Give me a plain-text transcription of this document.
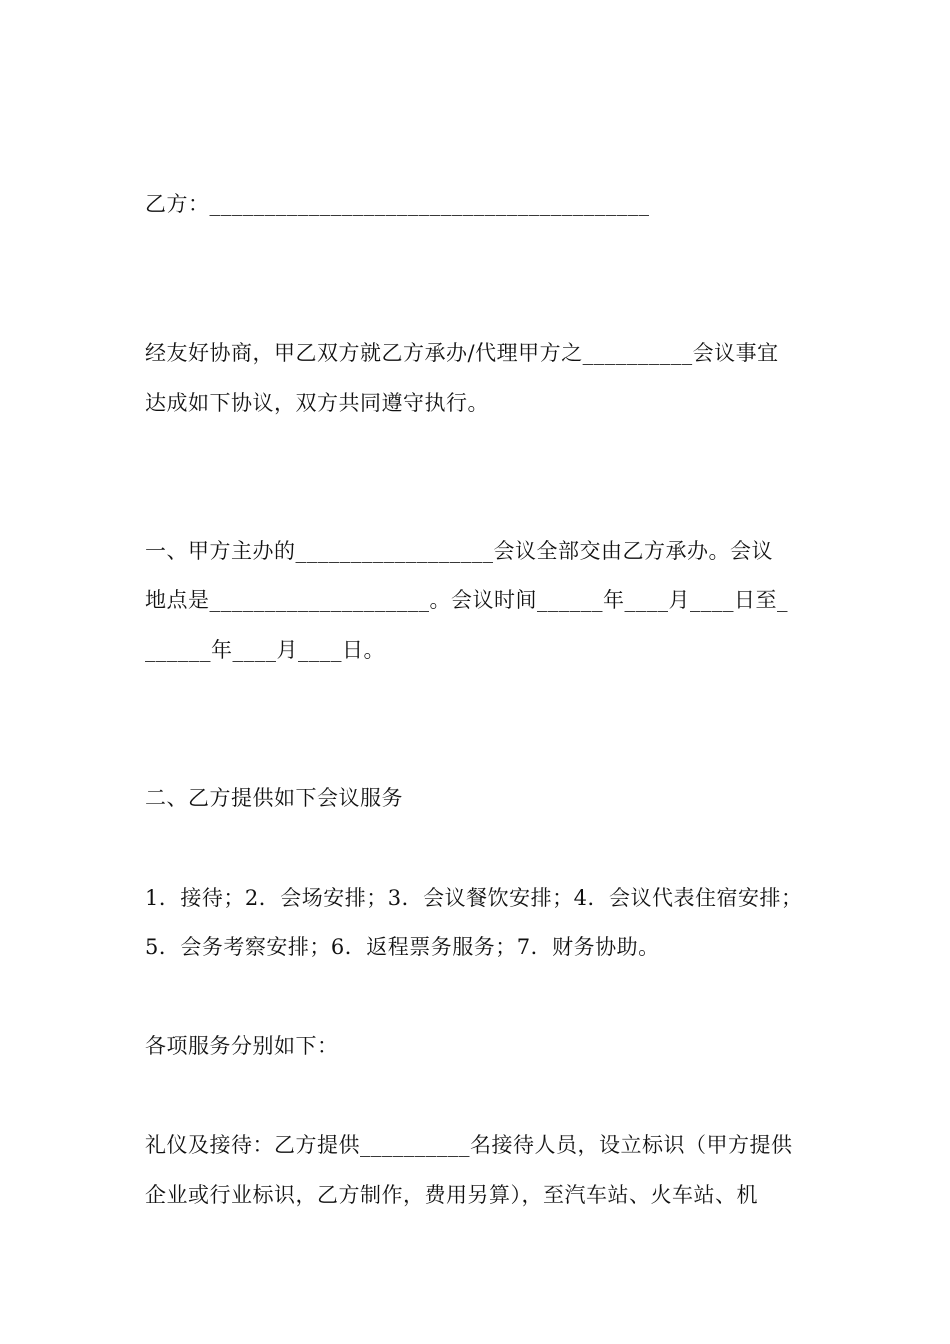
乙方：________________________________________
经友好协商，甲乙双方就乙方承办/代理甲方之__________会议事宜
达成如下协议，双方共同遵守执行。
一、甲方主办的__________________会议全部交由乙方承办。会议
地点是____________________。会议时间______年____月____日至_
______年____月____日。
二、乙方提供如下会议服务
1．接待；2．会场安排；3．会议餐饮安排；4．会议代表住宿安排；
5．会务考察安排；6．返程票务服务；7．财务协助。
各项服务分别如下：
礼仪及接待：乙方提供__________名接待人员，设立标识（甲方提供
企业或行业标识，乙方制作，费用另算），至汽车站、火车站、机
